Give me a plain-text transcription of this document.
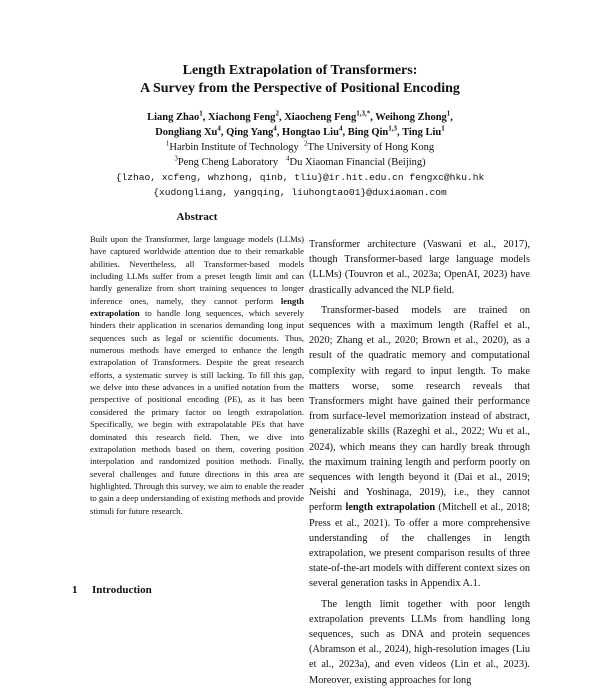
Length Extrapolation of Transformers:
A Survey from the Perspective of Positional Encoding

Liang Zhao$^1$, Xiachong Feng$^2$, Xiaocheng Feng$^{1,3,*}$, Weihong Zhong$^1$,
Dongliang Xu$^4$, Qing Yang$^4$, Hongtao Liu$^4$, Bing Qin$^{1,3}$, Ting Liu$^1$
$^1$Harbin Institute of Technology $^2$The University of Hong Kong
$^3$Peng Cheng Laboratory $^4$Du Xiaoman Financial (Beijing)
{lzhao, xcfeng, whzhong, qinb, tliu}@ir.hit.edu.cn fengxc@hku.hk
{xudongliang, yangqing, liuhongtao01}@duxiaoman.com

Abstract

Built upon the Transformer, large language models (LLMs) have captured worldwide attention due to their remarkable abilities. Nevertheless, all Transformer-based models including LLMs suffer from a preset length limit and can hardly generalize from short training sequences to longer inference ones, namely, they cannot perform length extrapolation to handle long sequences, which severely hinders their application in scenarios demanding long input sequences such as legal or scientific documents. Thus, numerous methods have emerged to enhance the length extrapolation of Transformers. Despite the great research efforts, a systematic survey is still lacking. To fill this gap, we delve into these advances in a unified notation from the perspective of positional encoding (PE), as it has been considered the primary factor on length extrapolation. Specifically, we begin with extrapolatable PEs that have dominated this research field. Then, we dive into extrapolation methods based on them, covering position interpolation and randomized position methods. Finally, several challenges and future directions in this area are highlighted. Through this survey, we aim to enable the reader to gain a deep understanding of existing methods and provide stimuli for future research.

1 Introduction

Transformer architecture (Vaswani et al., 2017), though Transformer-based large language models (LLMs) (Touvron et al., 2023a; OpenAI, 2023) have drastically advanced the NLP field.

Transformer-based models are trained on sequences with a maximum length (Raffel et al., 2020; Zhang et al., 2020; Brown et al., 2020), as a result of the quadratic memory and computational complexity with regard to input length. To make matters worse, some research reveals that Transformers might have gained their performance from surface-level memorization instead of abstract, generalizable skills (Razeghi et al., 2022; Wu et al., 2024), which means they can hardly break through the maximum training length and perform poorly on sequences with length beyond it (Dai et al., 2019; Neishi and Yoshinaga, 2019), i.e., they cannot perform length extrapolation (Mitchell et al., 2018; Press et al., 2021). To offer a more comprehensive understanding of the challenges in length extrapolation, we present comparison results of three state-of-the-art models with different context sizes on several generation tasks in Appendix A.1.

The length limit together with poor length extrapolation prevents LLMs from handling long sequences, such as DNA and protein sequences (Abramson et al., 2024), high-resolution images (Liu et al., 2023a), and even videos (Lin et al., 2023). Moreover, existing approaches for long
